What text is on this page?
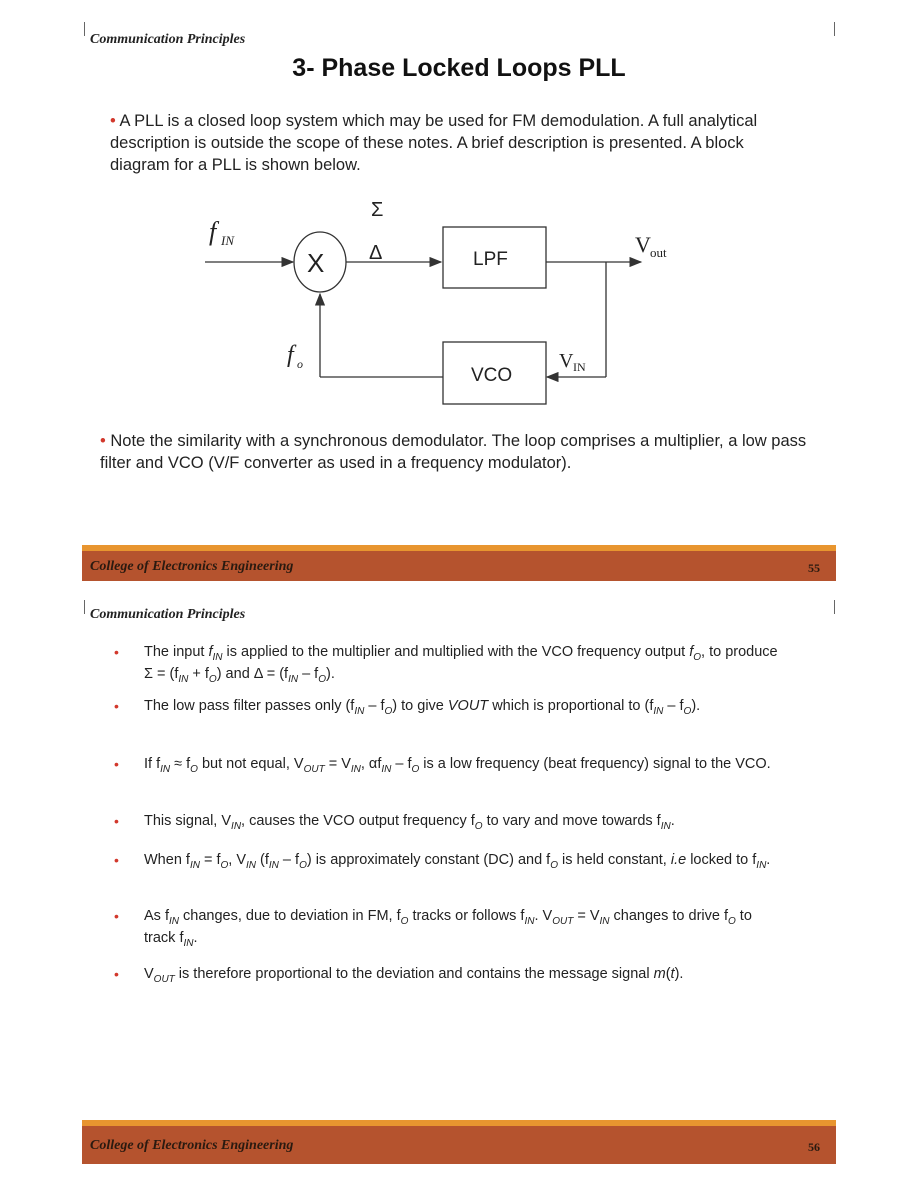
Communication Principles
3- Phase Locked Loops PLL
• A PLL is a closed loop system which may be used for FM demodulation. A full analytical description is outside the scope of these notes. A brief description is presented. A block diagram for a PLL is shown below.
X
Σ
Δ	LPF
VCO
f IN	V out
V IN
f o
• Note the similarity with a synchronous demodulator. The loop comprises a multiplier, a low pass filter and VCO (V/F converter as used in a frequency modulator).
College of Electronics Engineering	55
Communication Principles
• The input $f_{IN}$ is applied to the multiplier and multiplied with the VCO frequency output $f_O$, to produce $\Sigma = (f_{IN} + f_O)$ and $\Delta = (f_{IN} - f_O)$.
• The low pass filter passes only $(f_{IN} - f_O)$ to give VOUT which is proportional to $(f_{IN} - f_O)$.
• If $f_{IN} \approx f_O$ but not equal, $V_{OUT} = V_{IN}$, $\alpha f_{IN} - f_O$ is a low frequency (beat frequency) signal to the VCO.
• This signal, $V_{IN}$, causes the VCO output frequency $f_O$ to vary and move towards $f_{IN}$.
• When $f_{IN} = f_O$, $V_{IN}$ $(f_{IN} - f_O)$ is approximately constant (DC) and $f_O$ is held constant, i.e locked to $f_{IN}$.
• As $f_{IN}$ changes, due to deviation in FM, $f_O$ tracks or follows $f_{IN}$. $V_{OUT} = V_{IN}$ changes to drive $f_O$ to track $f_{IN}$.
• $V_{OUT}$ is therefore proportional to the deviation and contains the message signal m(t).
College of Electronics Engineering	56
